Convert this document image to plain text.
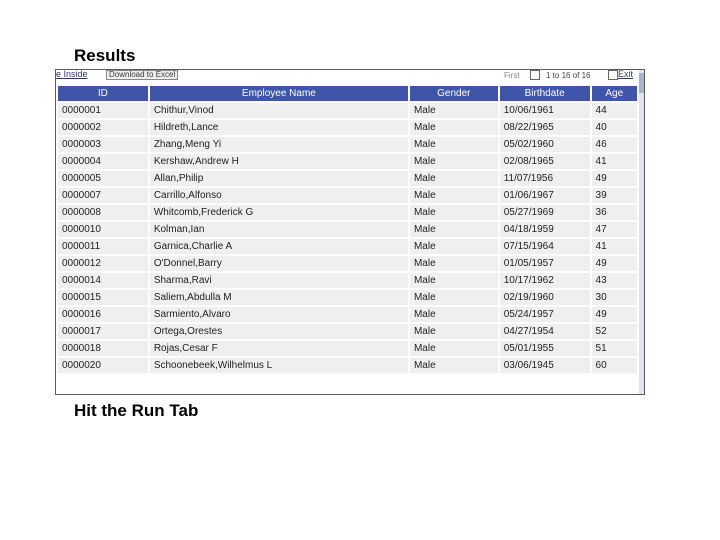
Results
e Inside	Download to Excel	First	1 to 16 of 16	Exit
ID	Employee Name	Gender	Birthdate	Age
0000001	Chithur,Vinod	Male	10/06/1961	44
0000002	Hildreth,Lance	Male	08/22/1965	40
0000003	Zhang,Meng Yi	Male	05/02/1960	46
0000004	Kershaw,Andrew H	Male	02/08/1965	41
0000005	Allan,Philip	Male	11/07/1956	49
0000007	Carrillo,Alfonso	Male	01/06/1967	39
0000008	Whitcomb,Frederick G	Male	05/27/1969	36
0000010	Kolman,Ian	Male	04/18/1959	47
0000011	Garnica,Charlie A	Male	07/15/1964	41
0000012	O'Donnel,Barry	Male	01/05/1957	49
0000014	Sharma,Ravi	Male	10/17/1962	43
0000015	Saliem,Abdulla M	Male	02/19/1960	30
0000016	Sarmiento,Alvaro	Male	05/24/1957	49
0000017	Ortega,Orestes	Male	04/27/1954	52
0000018	Rojas,Cesar F	Male	05/01/1955	51
0000020	Schoonebeek,Wilhelmus L	Male	03/06/1945	60
Hit the Run Tab
